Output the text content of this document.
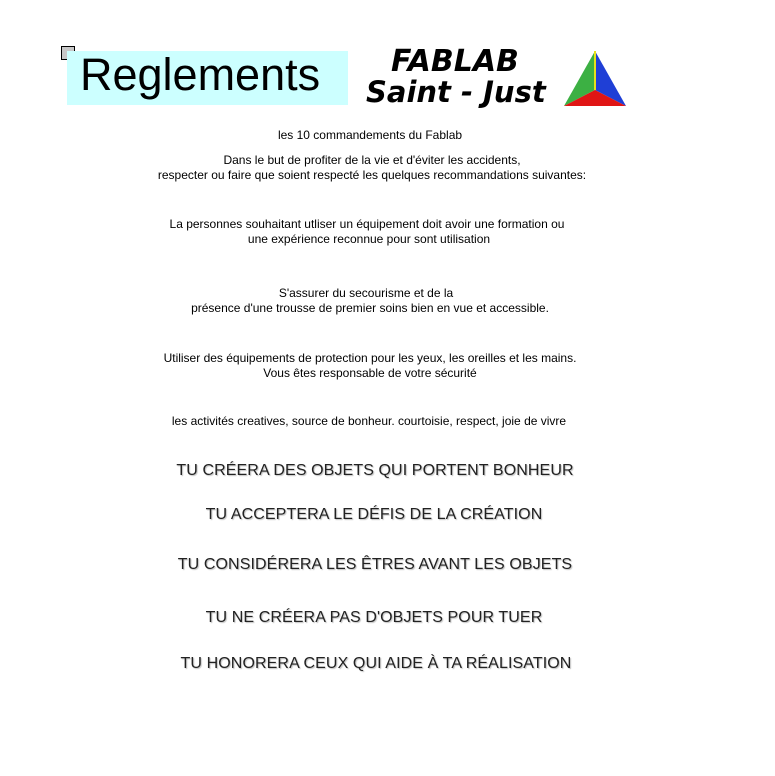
Reglements FABLAB
Saint - Just
les 10 commandements du Fablab
Dans le but de profiter de la vie et d'éviter les accidents,
respecter ou faire que soient respecté les quelques recommandations suivantes:
La personnes souhaitant utliser un équipement doit avoir une formation ou
une expérience reconnue pour sont utilisation
S'assurer du secourisme et de la
présence d'une trousse de premier soins bien en vue et accessible.
Utiliser des équipements de protection pour les yeux, les oreilles et les mains.
Vous êtes responsable de votre sécurité
les activités creatives, source de bonheur. courtoisie, respect, joie de vivre
TU CRÉERA DES OBJETS QUI PORTENT BONHEUR
TU ACCEPTERA LE DÉFIS DE LA CRÉATION
TU CONSIDÉRERA LES ÊTRES AVANT LES OBJETS
TU NE CRÉERA PAS D'OBJETS POUR TUER
TU HONORERA CEUX QUI AIDE À TA RÉALISATION
